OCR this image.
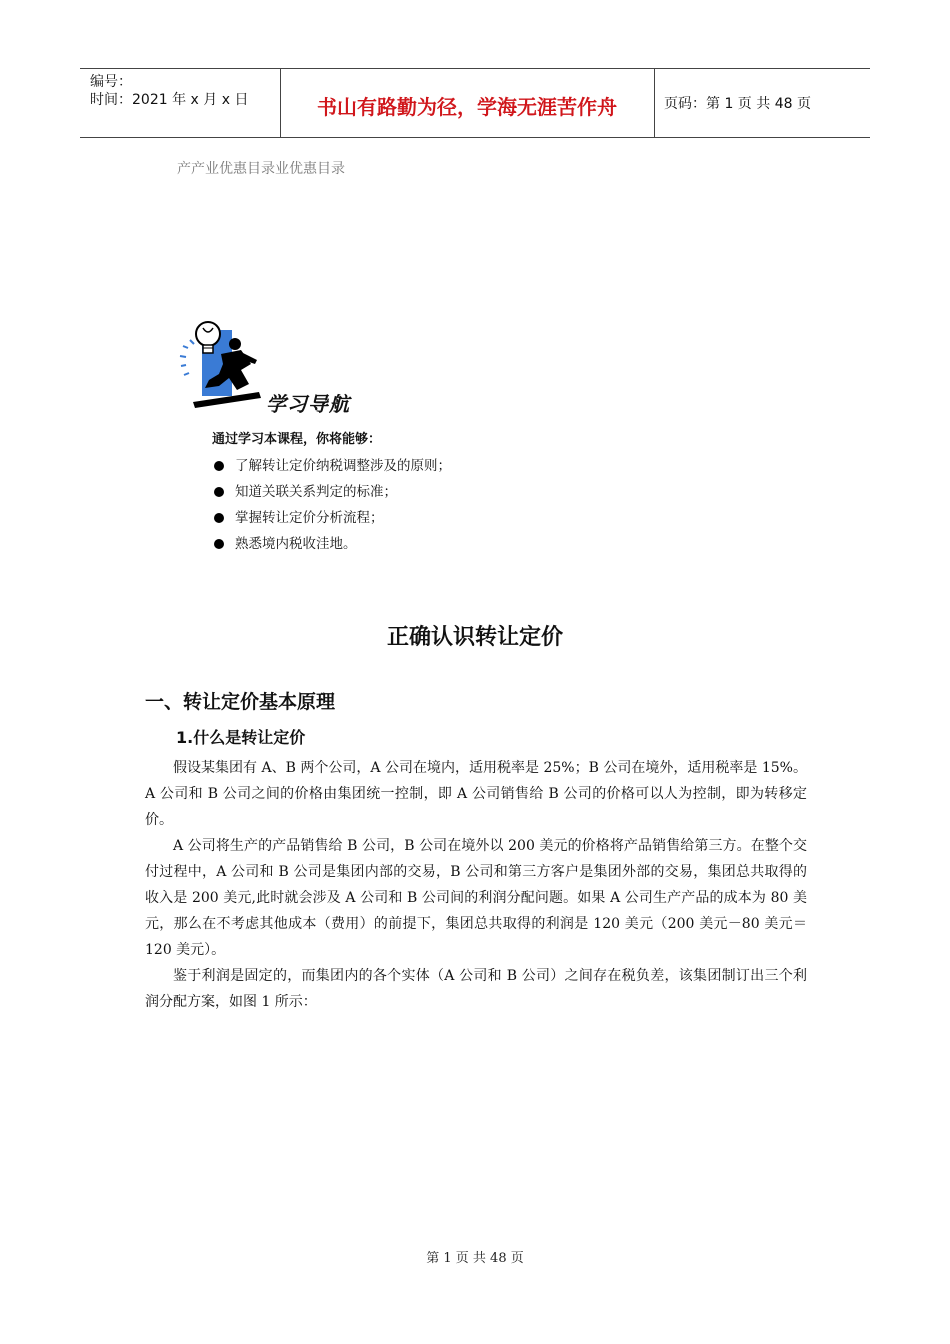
编号：
时间：2021 年 x 月 x 日	书山有路勤为径，学海无涯苦作舟	页码：第 1 页 共 48 页
产产业优惠目录业优惠目录
学习导航
通过学习本课程，你将能够：
了解转让定价纳税调整涉及的原则；
知道关联关系判定的标准；
掌握转让定价分析流程；
熟悉境内税收洼地。
正确认识转让定价
一、转让定价基本原理
1.什么是转让定价

假设某集团有 A、B 两个公司，A 公司在境内，适用税率是 25%；B 公司在境外，适用税率是 15%。A 公司和 B 公司之间的价格由集团统一控制，即 A 公司销售给 B 公司的价格可以人为控制，即为转移定价。

A 公司将生产的产品销售给 B 公司，B 公司在境外以 200 美元的价格将产品销售给第三方。在整个交付过程中，A 公司和 B 公司是集团内部的交易，B 公司和第三方客户是集团外部的交易，集团总共取得的收入是 200 美元,此时就会涉及 A 公司和 B 公司间的利润分配问题。如果 A 公司生产产品的成本为 80 美元，那么在不考虑其他成本（费用）的前提下，集团总共取得的利润是 120 美元（200 美元－80 美元＝120 美元）。

鉴于利润是固定的，而集团内的各个实体（A 公司和 B 公司）之间存在税负差，该集团制订出三个利润分配方案，如图 1 所示：

第 1 页 共 48 页
